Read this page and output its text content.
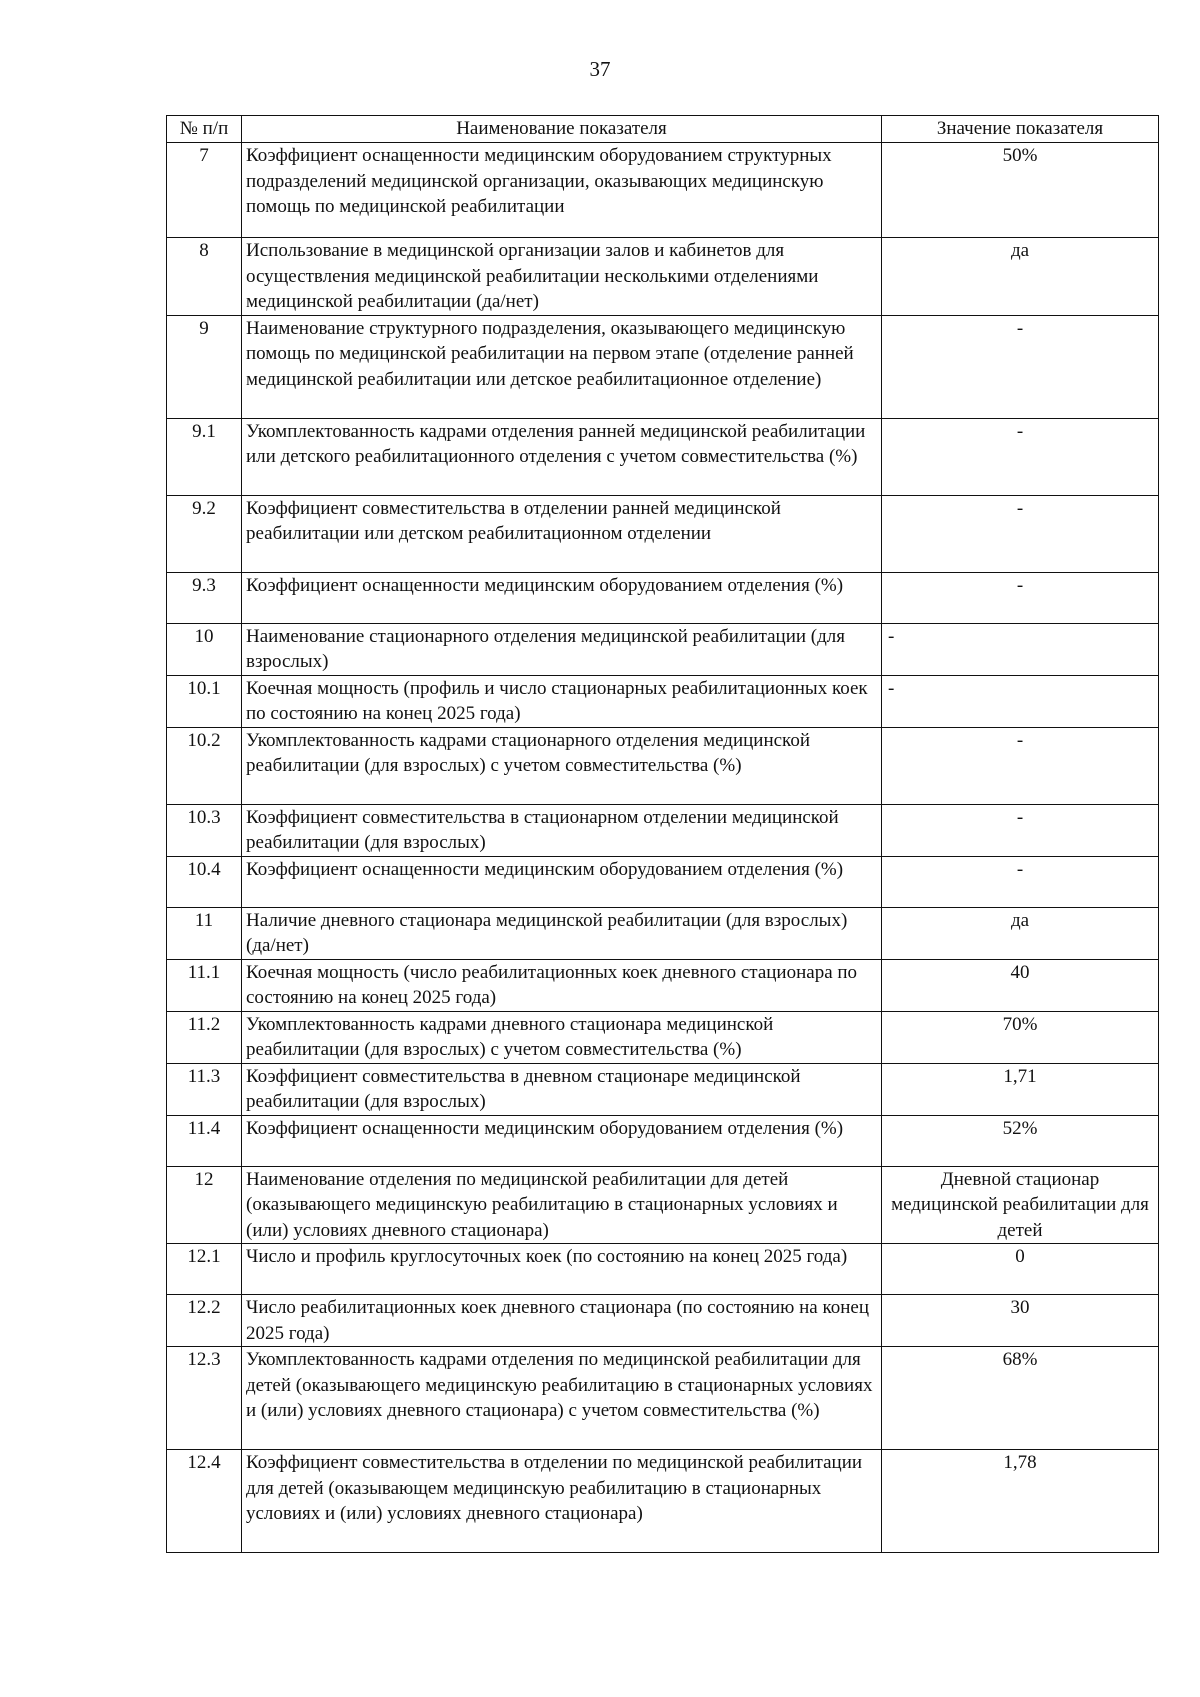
37
№ п/п	Наименование показателя	Значение показателя
7	Коэффициент оснащенности медицинским оборудованием структурных подразделений медицинской организации, оказывающих медицинскую помощь по медицинской реабилитации	50%
8	Использование в медицинской организации залов и кабинетов для осуществления медицинской реабилитации несколькими отделениями медицинской реабилитации (да/нет)	да
9	Наименование структурного подразделения, оказывающего медицинскую помощь по медицинской реабилитации на первом этапе (отделение ранней медицинской реабилитации или детское реабилитационное отделение)	-
9.1	Укомплектованность кадрами отделения ранней медицинской реабилитации или детского реабилитационного отделения с учетом совместительства (%)	-
9.2	Коэффициент совместительства в отделении ранней медицинской реабилитации или детском реабилитационном отделении	-
9.3	Коэффициент оснащенности медицинским оборудованием отделения (%)	-
10	Наименование стационарного отделения медицинской реабилитации (для взрослых)	-
10.1	Коечная мощность (профиль и число стационарных реабилитационных коек по состоянию на конец 2025 года)	-
10.2	Укомплектованность кадрами стационарного отделения медицинской реабилитации (для взрослых) с учетом совместительства (%)	-
10.3	Коэффициент совместительства в стационарном отделении медицинской реабилитации (для взрослых)	-
10.4	Коэффициент оснащенности медицинским оборудованием отделения (%)	-
11	Наличие дневного стационара медицинской реабилитации (для взрослых) (да/нет)	да
11.1	Коечная мощность (число реабилитационных коек дневного стационара по состоянию на конец 2025 года)	40
11.2	Укомплектованность кадрами дневного стационара медицинской реабилитации (для взрослых) с учетом совместительства (%)	70%
11.3	Коэффициент совместительства в дневном стационаре медицинской реабилитации (для взрослых)	1,71
11.4	Коэффициент оснащенности медицинским оборудованием отделения (%)	52%
12	Наименование отделения по медицинской реабилитации для детей (оказывающего медицинскую реабилитацию в стационарных условиях и (или) условиях дневного стационара)	Дневной стационар медицинской реабилитации для детей
12.1	Число и профиль круглосуточных коек (по состоянию на конец 2025 года)	0
12.2	Число реабилитационных коек дневного стационара (по состоянию на конец 2025 года)	30
12.3	Укомплектованность кадрами отделения по медицинской реабилитации для детей (оказывающего медицинскую реабилитацию в стационарных условиях и (или) условиях дневного стационара) с учетом совместительства (%)	68%
12.4	Коэффициент совместительства в отделении по медицинской реабилитации для детей (оказывающем медицинскую реабилитацию в стационарных условиях и (или) условиях дневного стационара)	1,78
